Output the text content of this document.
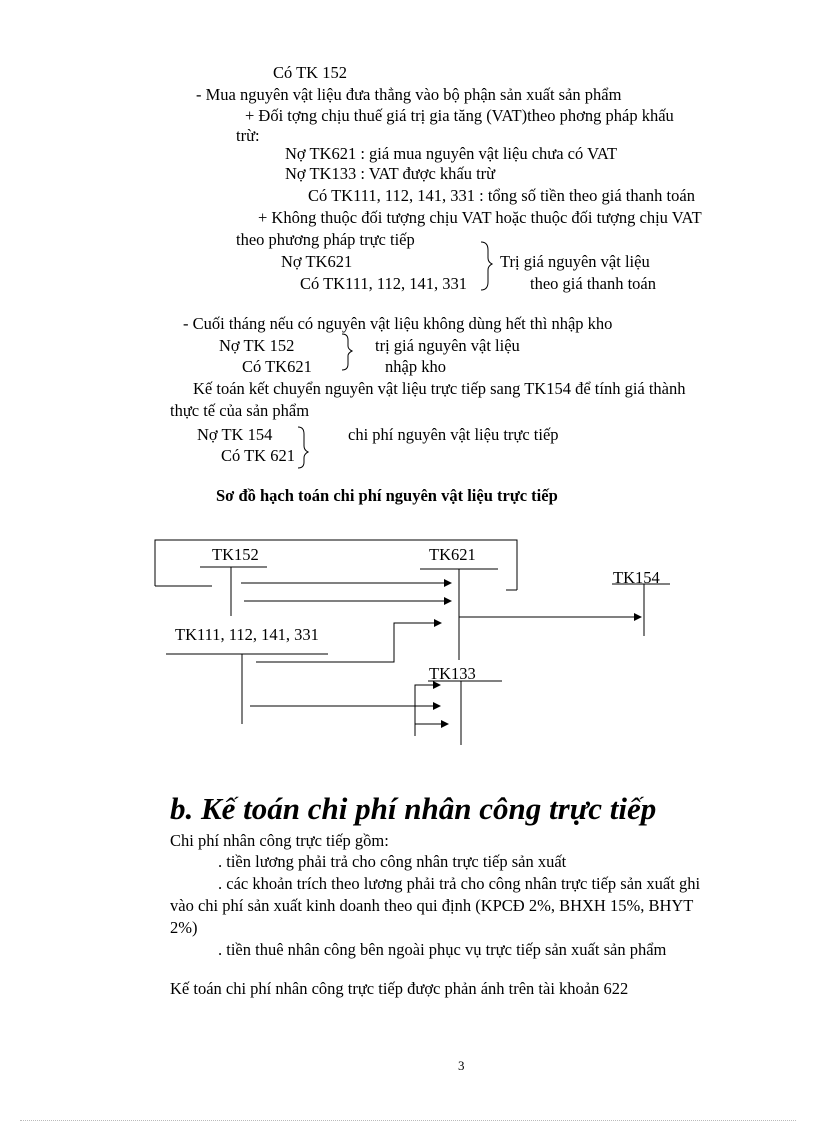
Có TK 152
- Mua nguyên vật liệu đưa thẳng vào bộ phận sản xuất sản phẩm
+ Đối tợng chịu thuế giá trị gia tăng (VAT)theo phơng pháp khấu
trừ:
Nợ TK621 : giá mua nguyên vật liệu chưa có VAT
Nợ TK133 : VAT được khấu trừ
Có TK111, 112, 141, 331 : tổng số tiền theo giá thanh toán
+ Không thuộc đối tượng chịu VAT hoặc thuộc đối tượng chịu VAT
theo phương pháp trực tiếp
Nợ TK621	Trị giá nguyên vật liệu
Có TK111, 112, 141, 331	theo giá thanh toán
- Cuối tháng nếu có nguyên vật liệu không dùng hết thì nhập kho
Nợ TK 152	trị giá nguyên vật liệu
Có TK621	nhập kho
Kế toán kết chuyển nguyên vật liệu trực tiếp sang TK154 để tính giá thành
thực tế của sản phẩm
Nợ TK 154	chi phí nguyên vật liệu trực tiếp
Có TK 621
Sơ đồ hạch toán chi phí nguyên vật liệu trực tiếp
TK152	TK621
TK154
TK111, 112, 141, 331
TK133
b. Kế toán chi phí nhân công trực tiếp
Chi phí nhân công trực tiếp gồm:
. tiền lương phải trả cho công nhân trực tiếp sản xuất
. các khoản trích theo lương phải trả cho công nhân trực tiếp sản xuất ghi
vào chi phí sản xuất kinh doanh theo qui định (KPCĐ 2%, BHXH 15%, BHYT
2%)
. tiền thuê nhân công bên ngoài phục vụ trực tiếp sản xuất sản phẩm
Kế toán chi phí nhân công trực tiếp được phản ánh trên tài khoản 622
3
